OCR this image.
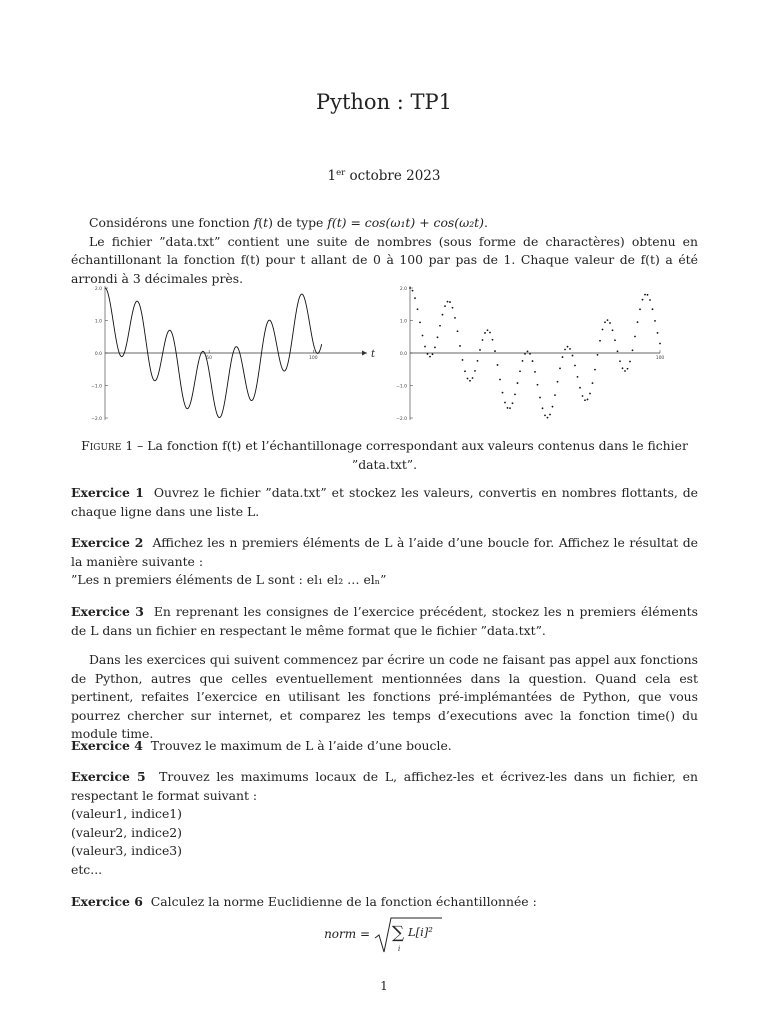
Python : TP1
1er octobre 2023

Considérons une fonction f(t) de type f(t) = cos(ω₁t) + cos(ω₂t).

Le fichier ”data.txt” contient une suite de nombres (sous forme de charactères) obtenu en échantillonant la fonction f(t) pour t allant de 0 à 100 par pas de 1. Chaque valeur de f(t) a été arrondi à 3 décimales près.

t
2.0
1.0
0.0
−1.0
−2.0
50	100
2.0
1.0
0.0
−1.0
−2.0
100
Figure 1 – La fonction f(t) et l’échantillonage correspondant aux valeurs contenus dans le fichier ”data.txt”.
Exercice 1 Ouvrez le fichier ”data.txt” et stockez les valeurs, convertis en nombres flottants, de chaque ligne dans une liste L.
Exercice 2 Affichez les n premiers éléments de L à l’aide d’une boucle for. Affichez le résultat de la manière suivante :
”Les n premiers éléments de L sont : el₁ el₂ … elₙ”
Exercice 3 En reprenant les consignes de l’exercice précédent, stockez les n premiers éléments de L dans un fichier en respectant le même format que le fichier ”data.txt”.
Dans les exercices qui suivent commencez par écrire un code ne faisant pas appel aux fonctions de Python, autres que celles eventuellement mentionnées dans la question. Quand cela est pertinent, refaites l’exercice en utilisant les fonctions pré-implémantées de Python, que vous pourrez chercher sur internet, et comparez les temps d’executions avec la fonction time() du module time.
Exercice 4 Trouvez le maximum de L à l’aide d’une boucle.
Exercice 5 Trouvez les maximums locaux de L, affichez-les et écrivez-les dans un fichier, en respectant le format suivant :
(valeur1, indice1)
(valeur2, indice2)
(valeur3, indice3)
etc...
Exercice 6 Calculez la norme Euclidienne de la fonction échantillonnée :
norm = ∑
i
L[i]²
1
